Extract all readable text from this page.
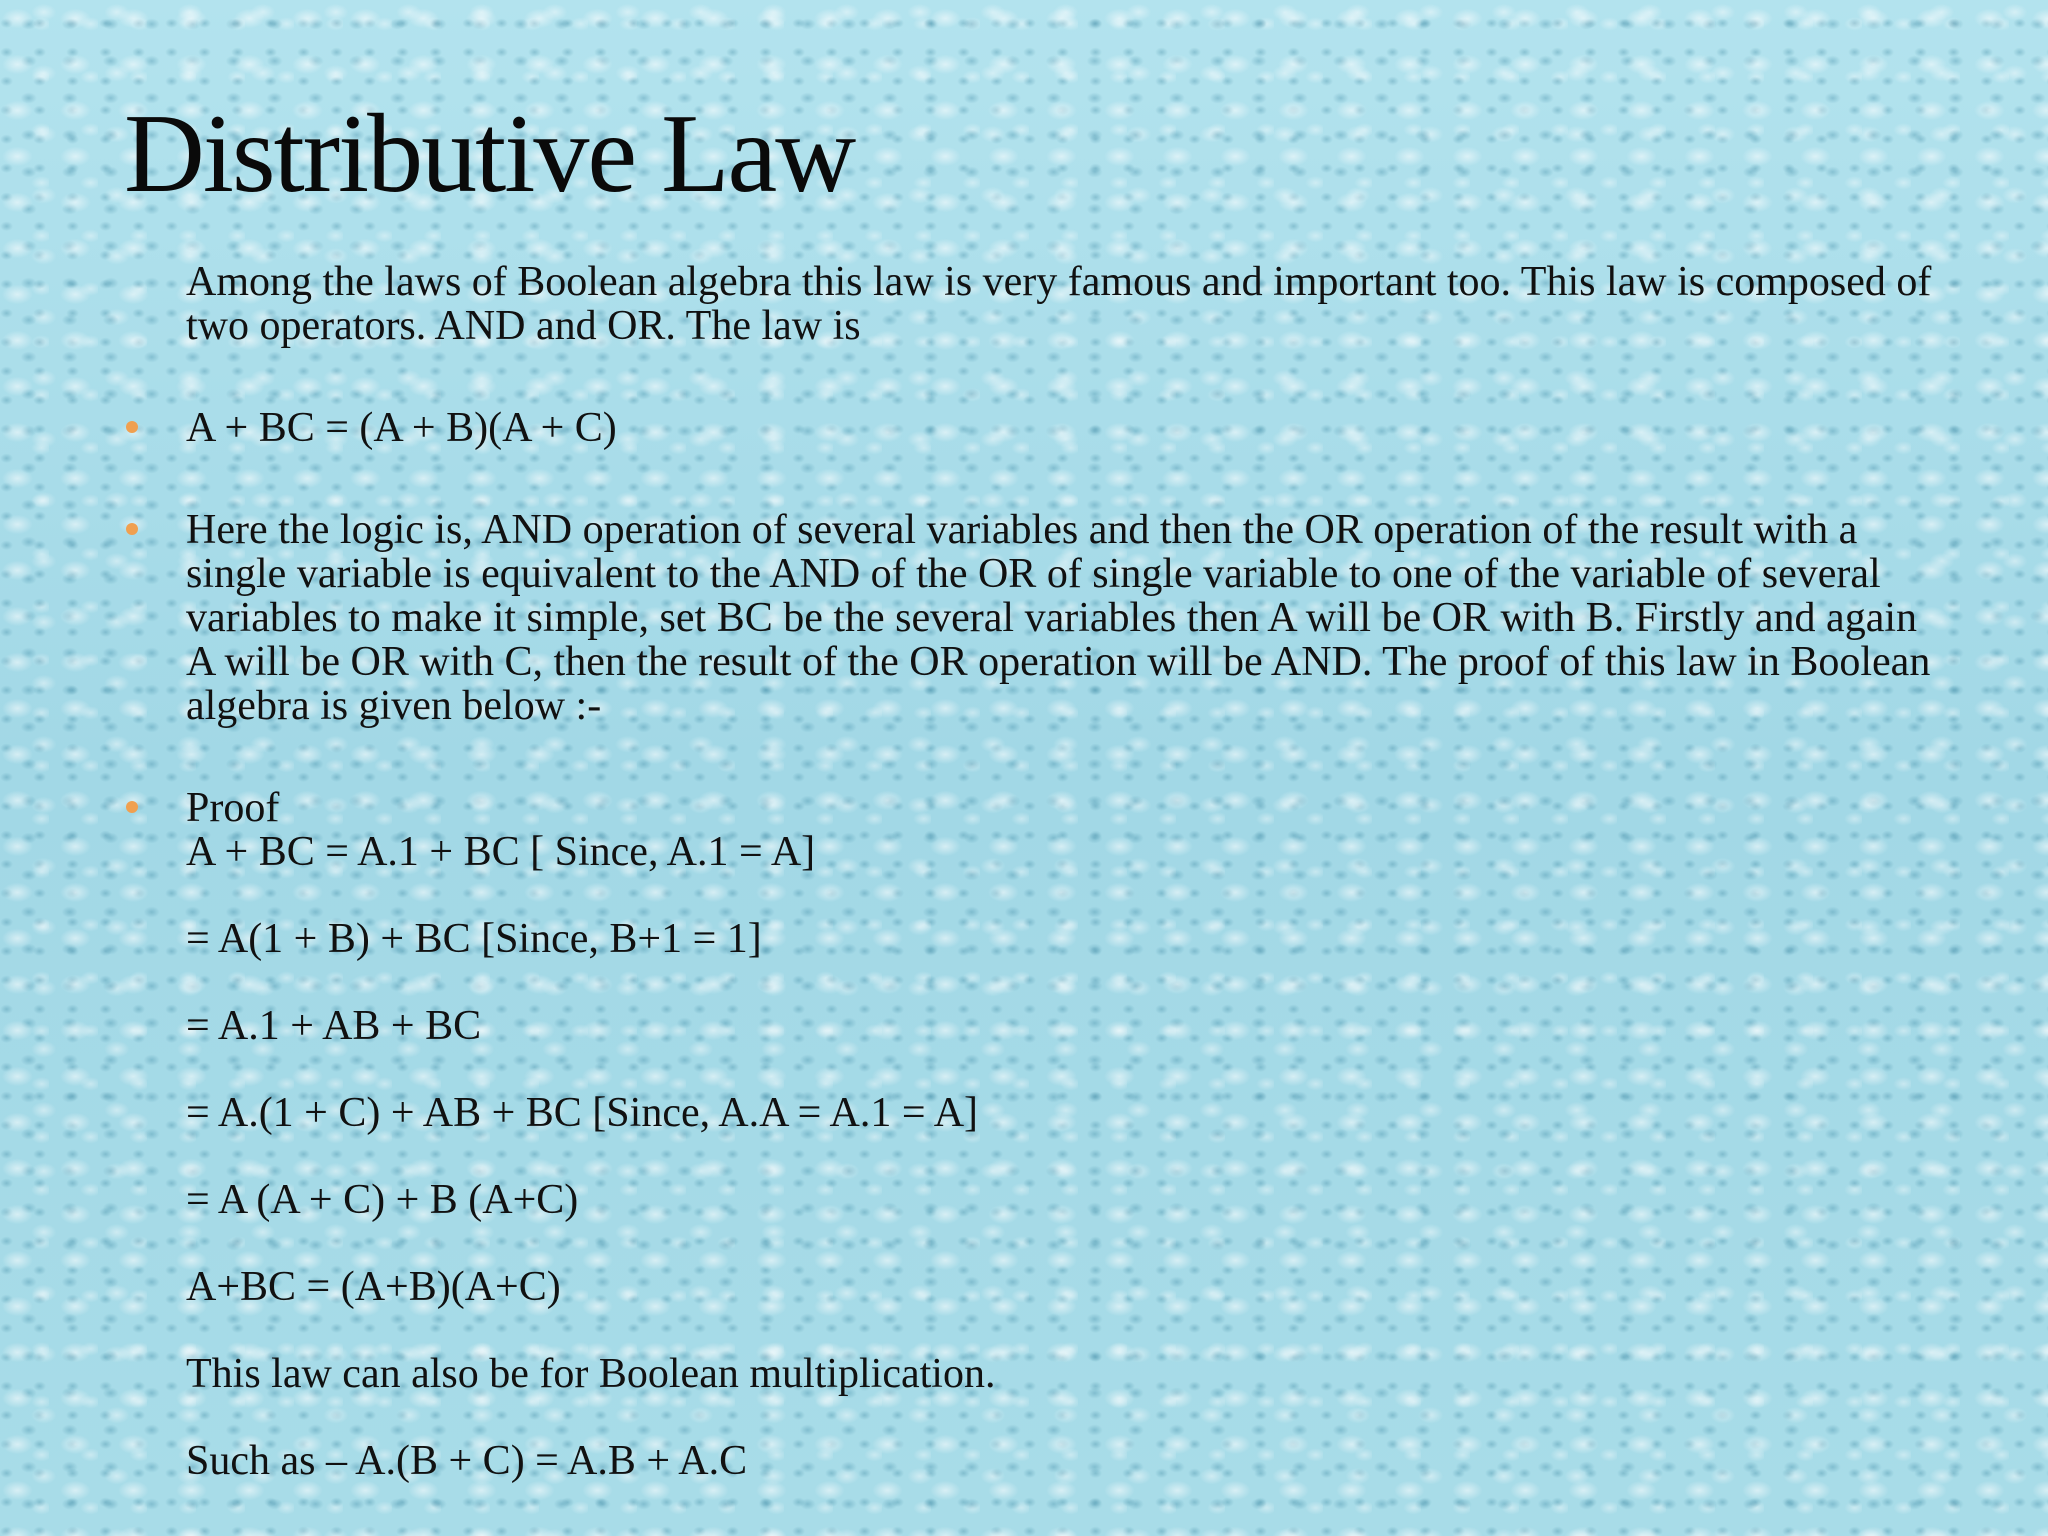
Distributive Law
Among the laws of Boolean algebra this law is very famous and important too. This law is composed of two operators. AND and OR. The law is
A + BC = (A + B)(A + C)
Here the logic is, AND operation of several variables and then the OR operation of the result with a single variable is equivalent to the AND of the OR of single variable to one of the variable of several variables to make it simple, set BC be the several variables then A will be OR with B. Firstly and again A will be OR with C, then the result of the OR operation will be AND. The proof of this law in Boolean algebra is given below :-
Proof
A + BC = A.1 + BC [ Since, A.1 = A]
= A(1 + B) + BC [Since, B+1 = 1]
= A.1 + AB + BC
= A.(1 + C) + AB + BC [Since, A.A = A.1 = A]
= A (A + C) + B (A+C)
A+BC = (A+B)(A+C)
This law can also be for Boolean multiplication.
Such as – A.(B + C) = A.B + A.C
